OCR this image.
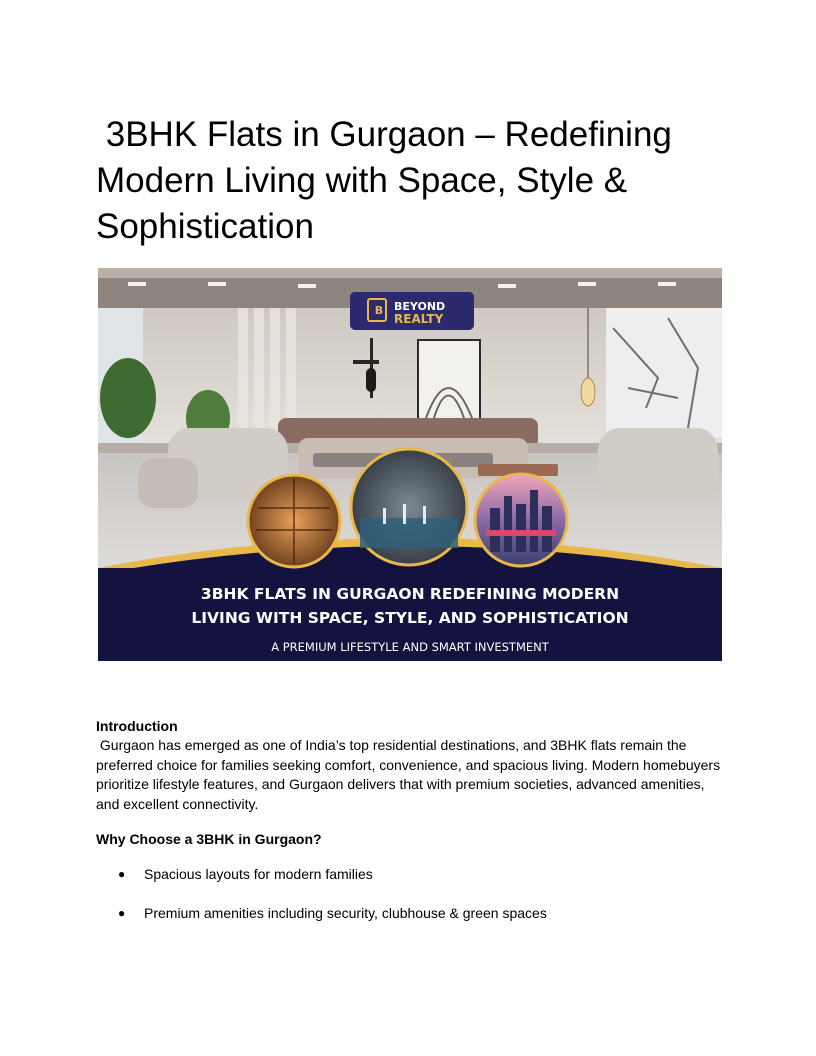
3BHK Flats in Gurgaon – Redefining Modern Living with Space, Style & Sophistication
B BEYOND
REALTY
3BHK FLATS IN GURGAON REDEFINING MODERN
LIVING WITH SPACE, STYLE, AND SOPHISTICATION
A PREMIUM LIFESTYLE AND SMART INVESTMENT
Introduction

Gurgaon has emerged as one of India’s top residential destinations, and 3BHK flats remain the preferred choice for families seeking comfort, convenience, and spacious living. Modern homebuyers prioritize lifestyle features, and Gurgaon delivers that with premium societies, advanced amenities, and excellent connectivity.

Why Choose a 3BHK in Gurgaon?
● Spacious layouts for modern families
● Premium amenities including security, clubhouse & green spaces
